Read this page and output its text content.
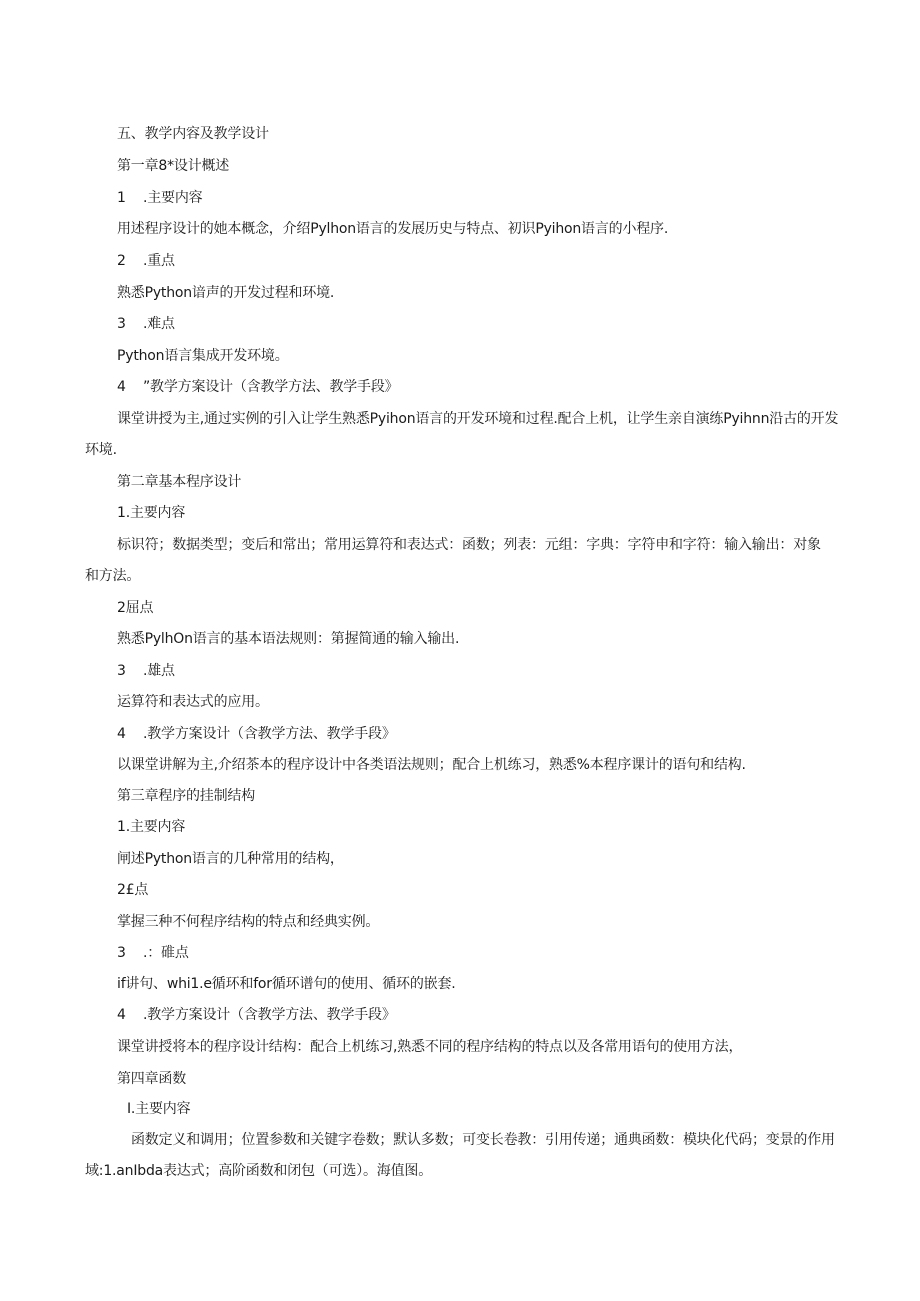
五、教学内容及教学设计
第一章8*设计概述
1 .主要内容
用述程序设计的她本概念，介绍Pylhon语言的发展历史与特点、初识Pyihon语言的小程序.
2 .重点
熟悉Python谙声的开发过程和环境.
3 .难点
Python语言集成开发环境。
4 ”教学方案设计（含教学方法、教学手段》
课堂讲授为主,通过实例的引入让学生熟悉Pyihon语言的开发环境和过程.配合上机，让学生亲自演练Pyihnn沿古的开发
环境.
第二章基本程序设计
1.主要内容
标识符；数据类型；变后和常出；常用运算符和表达式：函数；列表：元组：字典：字符申和字符：输入输出：对象
和方法。
2屈点
熟悉PylhOn语言的基本语法规则：第握简通的输入输出.
3 .雄点
运算符和表达式的应用。
4 .教学方案设计（含教学方法、教学手段》
以课堂讲解为主,介绍茶本的程序设计中各类语法规则；配合上机练习，熟悉%本程序课计的语句和结构.
第三章程序的挂制结构
1.主要内容
闸述Python语言的几种常用的结构，
2£点
掌握三种不何程序结构的特点和经典实例。
3 .：碓点
if讲句、whi1.e循环和for循环谱句的使用、循环的嵌套.
4 .教学方案设计（含教学方法、教学手段》
课堂讲授将本的程序设计结构：配合上机练习,熟悉不同的程序结构的特点以及各常用语句的使用方法，
第四章函数
I.主要内容
函数定义和调用；位置参数和关键字卷数；默认多数；可变长卷教：引用传递；通典函数：模块化代码；变景的作用
域:1.anIbda表达式；高阶函数和闭包（可选）。海值图。
